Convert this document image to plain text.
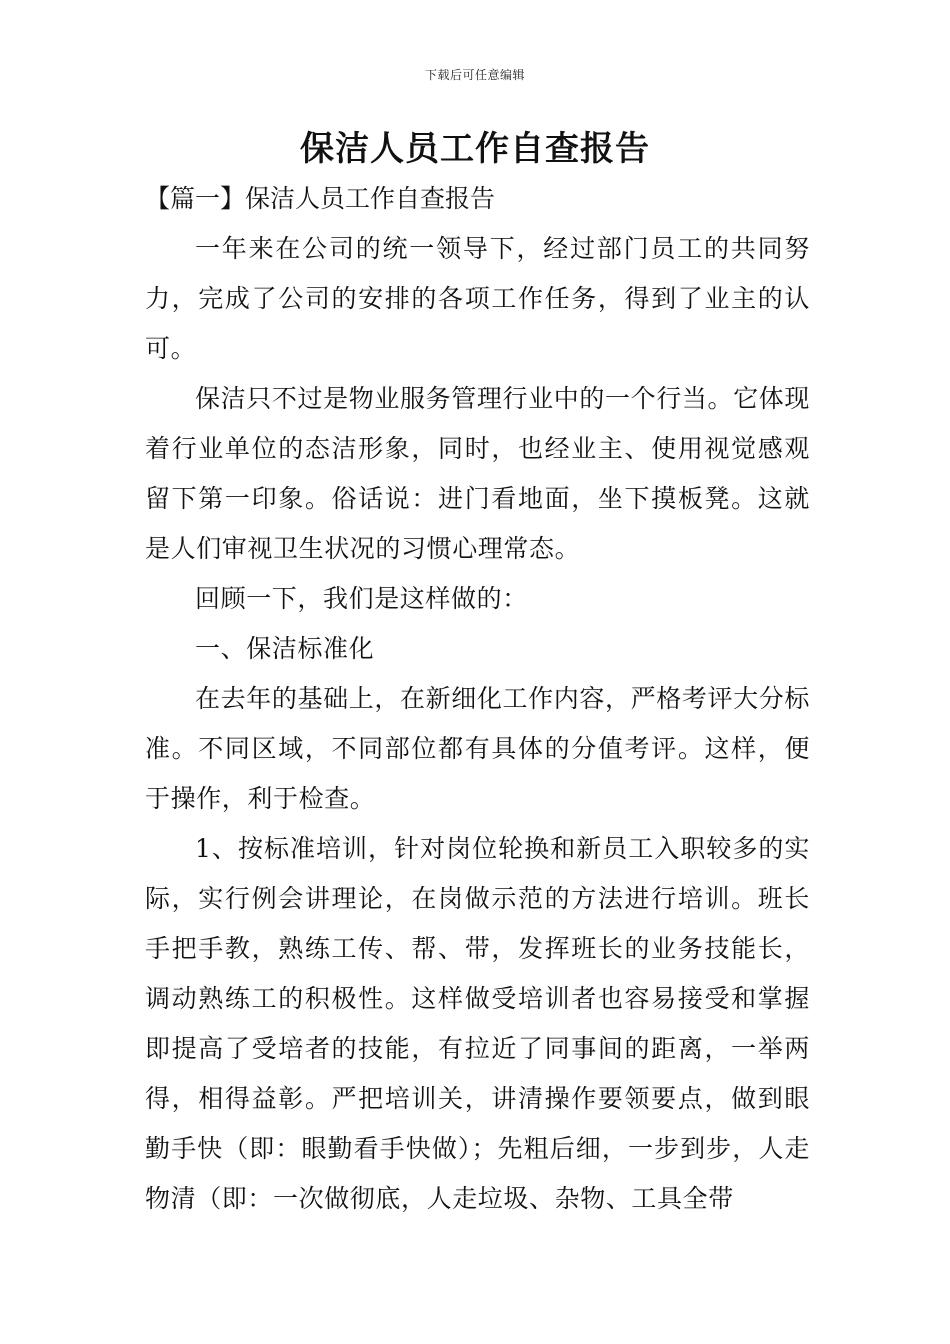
下载后可任意编辑
保洁人员工作自查报告
【篇一】保洁人员工作自查报告

一年来在公司的统一领导下，经过部门员工的共同努力，完成了公司的安排的各项工作任务，得到了业主的认可。

保洁只不过是物业服务管理行业中的一个行当。它体现着行业单位的态洁形象，同时，也经业主、使用视觉感观留下第一印象。俗话说：进门看地面，坐下摸板凳。这就是人们审视卫生状况的习惯心理常态。

回顾一下，我们是这样做的：

一、保洁标准化

在去年的基础上，在新细化工作内容，严格考评大分标准。不同区域，不同部位都有具体的分值考评。这样，便于操作，利于检查。

1、按标准培训，针对岗位轮换和新员工入职较多的实际，实行例会讲理论，在岗做示范的方法进行培训。班长手把手教，熟练工传、帮、带，发挥班长的业务技能长，调动熟练工的积极性。这样做受培训者也容易接受和掌握即提高了受培者的技能，有拉近了同事间的距离，一举两得，相得益彰。严把培训关，讲清操作要领要点，做到眼勤手快（即：眼勤看手快做）；先粗后细，一步到步，人走物清（即：一次做彻底，人走垃圾、杂物、工具全带
